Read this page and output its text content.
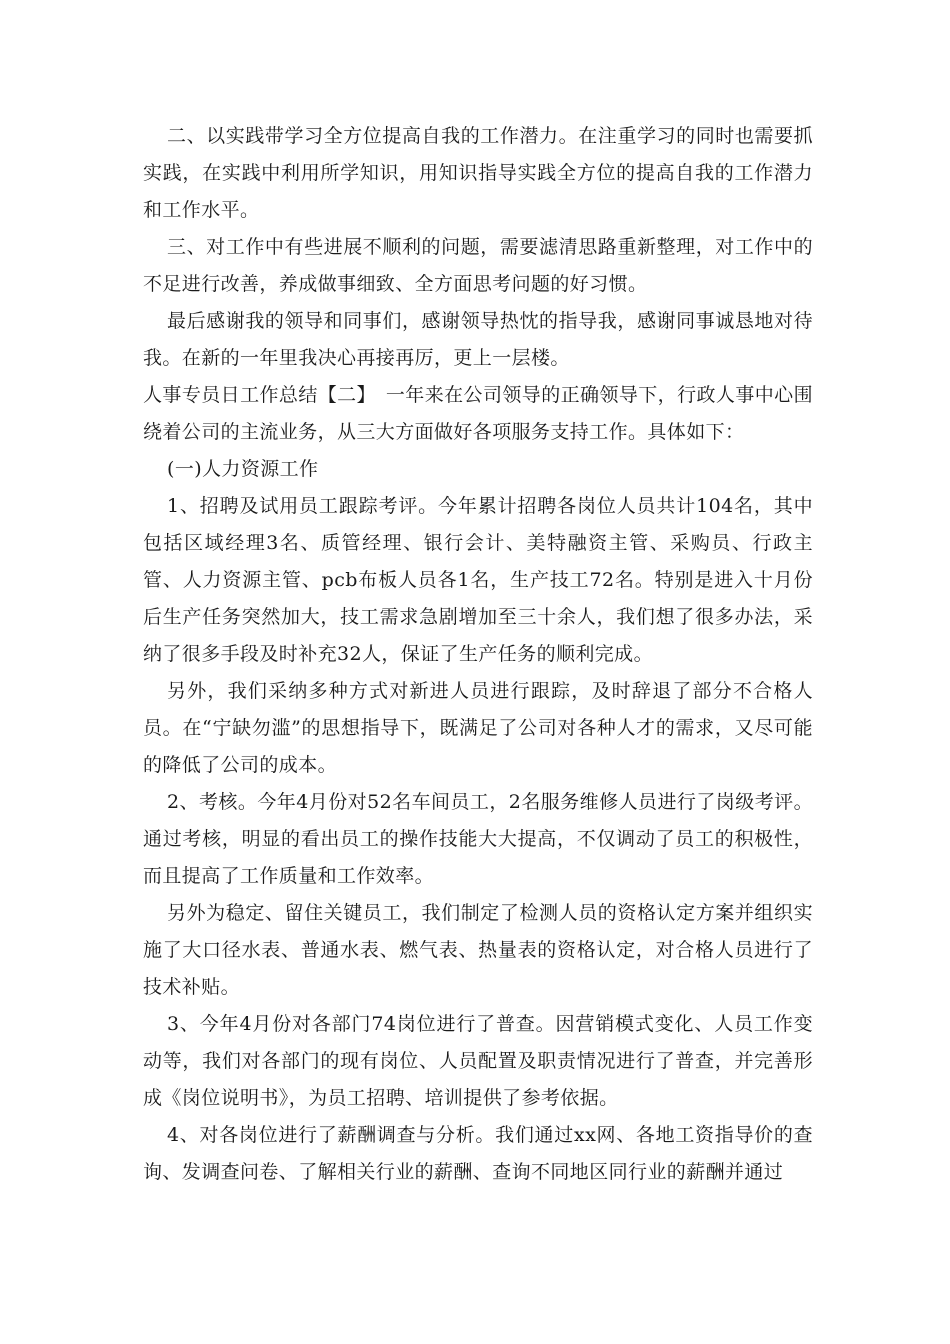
二、以实践带学习全方位提高自我的工作潜力。在注重学习的同时也需要抓实践，在实践中利用所学知识，用知识指导实践全方位的提高自我的工作潜力和工作水平。

三、对工作中有些进展不顺利的问题，需要滤清思路重新整理，对工作中的不足进行改善，养成做事细致、全方面思考问题的好习惯。

最后感谢我的领导和同事们，感谢领导热忱的指导我，感谢同事诚恳地对待我。在新的一年里我决心再接再厉，更上一层楼。

人事专员日工作总结【二】　一年来在公司领导的正确领导下，行政人事中心围绕着公司的主流业务，从三大方面做好各项服务支持工作。具体如下：

(一)人力资源工作

1、招聘及试用员工跟踪考评。今年累计招聘各岗位人员共计104名，其中包括区域经理3名、质管经理、银行会计、美特融资主管、采购员、行政主管、人力资源主管、pcb布板人员各1名，生产技工72名。特别是进入十月份后生产任务突然加大，技工需求急剧增加至三十余人，我们想了很多办法，采纳了很多手段及时补充32人，保证了生产任务的顺利完成。

另外，我们采纳多种方式对新进人员进行跟踪，及时辞退了部分不合格人员。在“宁缺勿滥”的思想指导下，既满足了公司对各种人才的需求，又尽可能的降低了公司的成本。

2、考核。今年4月份对52名车间员工，2名服务维修人员进行了岗级考评。通过考核，明显的看出员工的操作技能大大提高，不仅调动了员工的积极性，而且提高了工作质量和工作效率。

另外为稳定、留住关键员工，我们制定了检测人员的资格认定方案并组织实施了大口径水表、普通水表、燃气表、热量表的资格认定，对合格人员进行了技术补贴。

3、今年4月份对各部门74岗位进行了普查。因营销模式变化、人员工作变动等，我们对各部门的现有岗位、人员配置及职责情况进行了普查，并完善形成《岗位说明书》，为员工招聘、培训提供了参考依据。

4、对各岗位进行了薪酬调查与分析。我们通过xx网、各地工资指导价的查询、发调查问卷、了解相关行业的薪酬、查询不同地区同行业的薪酬并通过
